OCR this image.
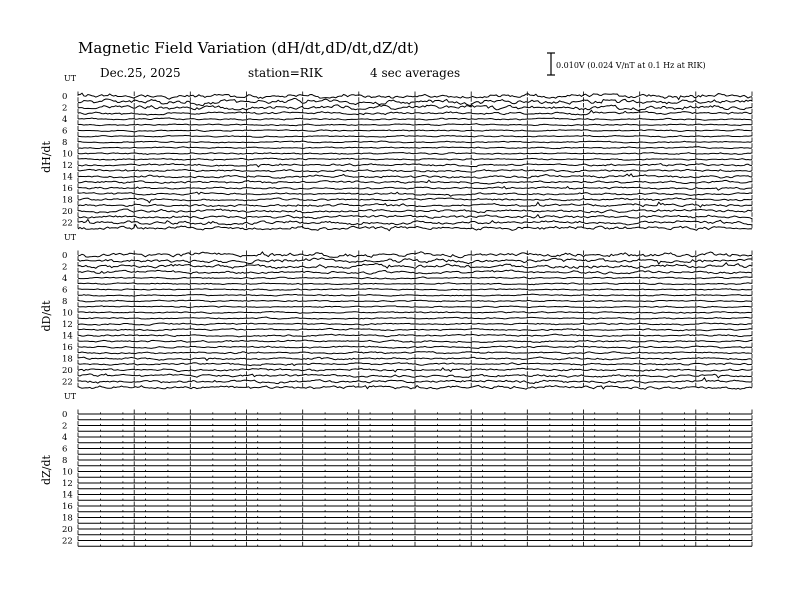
Magnetic Field Variation (dH/dt,dD/dt,dZ/dt)
Dec.25, 2025	station=RIK	4 sec averages
0.010V (0.024 V/nT at 0.1 Hz at RIK)
UT
dH/dt
0
2
4
6
8
10
12
14
16
18
20
22
UT
dD/dt
0
2
4
6
8
10
12
14
16
18
20
22
UT
dZ/dt
0
2
4
6
8
10
12
14
16
18
20
22
